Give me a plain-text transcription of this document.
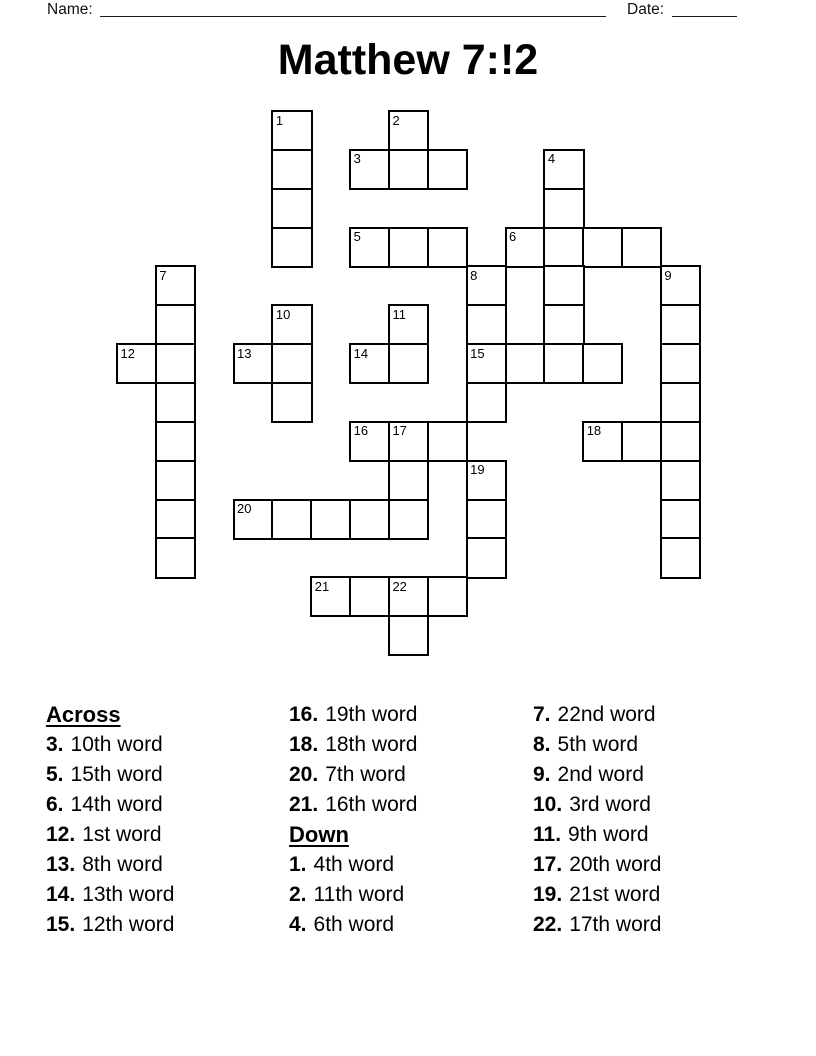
Name:	Date:
Matthew 7:!2
1	2
3	4
5	6
7	8	9
10	11
12	13	14	15
16 17	18
19
20
21	22
Across
3. 10th word
5. 15th word
6. 14th word
12. 1st word
13. 8th word
14. 13th word
15. 12th word
16. 19th word
18. 18th word
20. 7th word
21. 16th word
Down
1. 4th word
2. 11th word
4. 6th word
7. 22nd word
8. 5th word
9. 2nd word
10. 3rd word
11. 9th word
17. 20th word
19. 21st word
22. 17th word
